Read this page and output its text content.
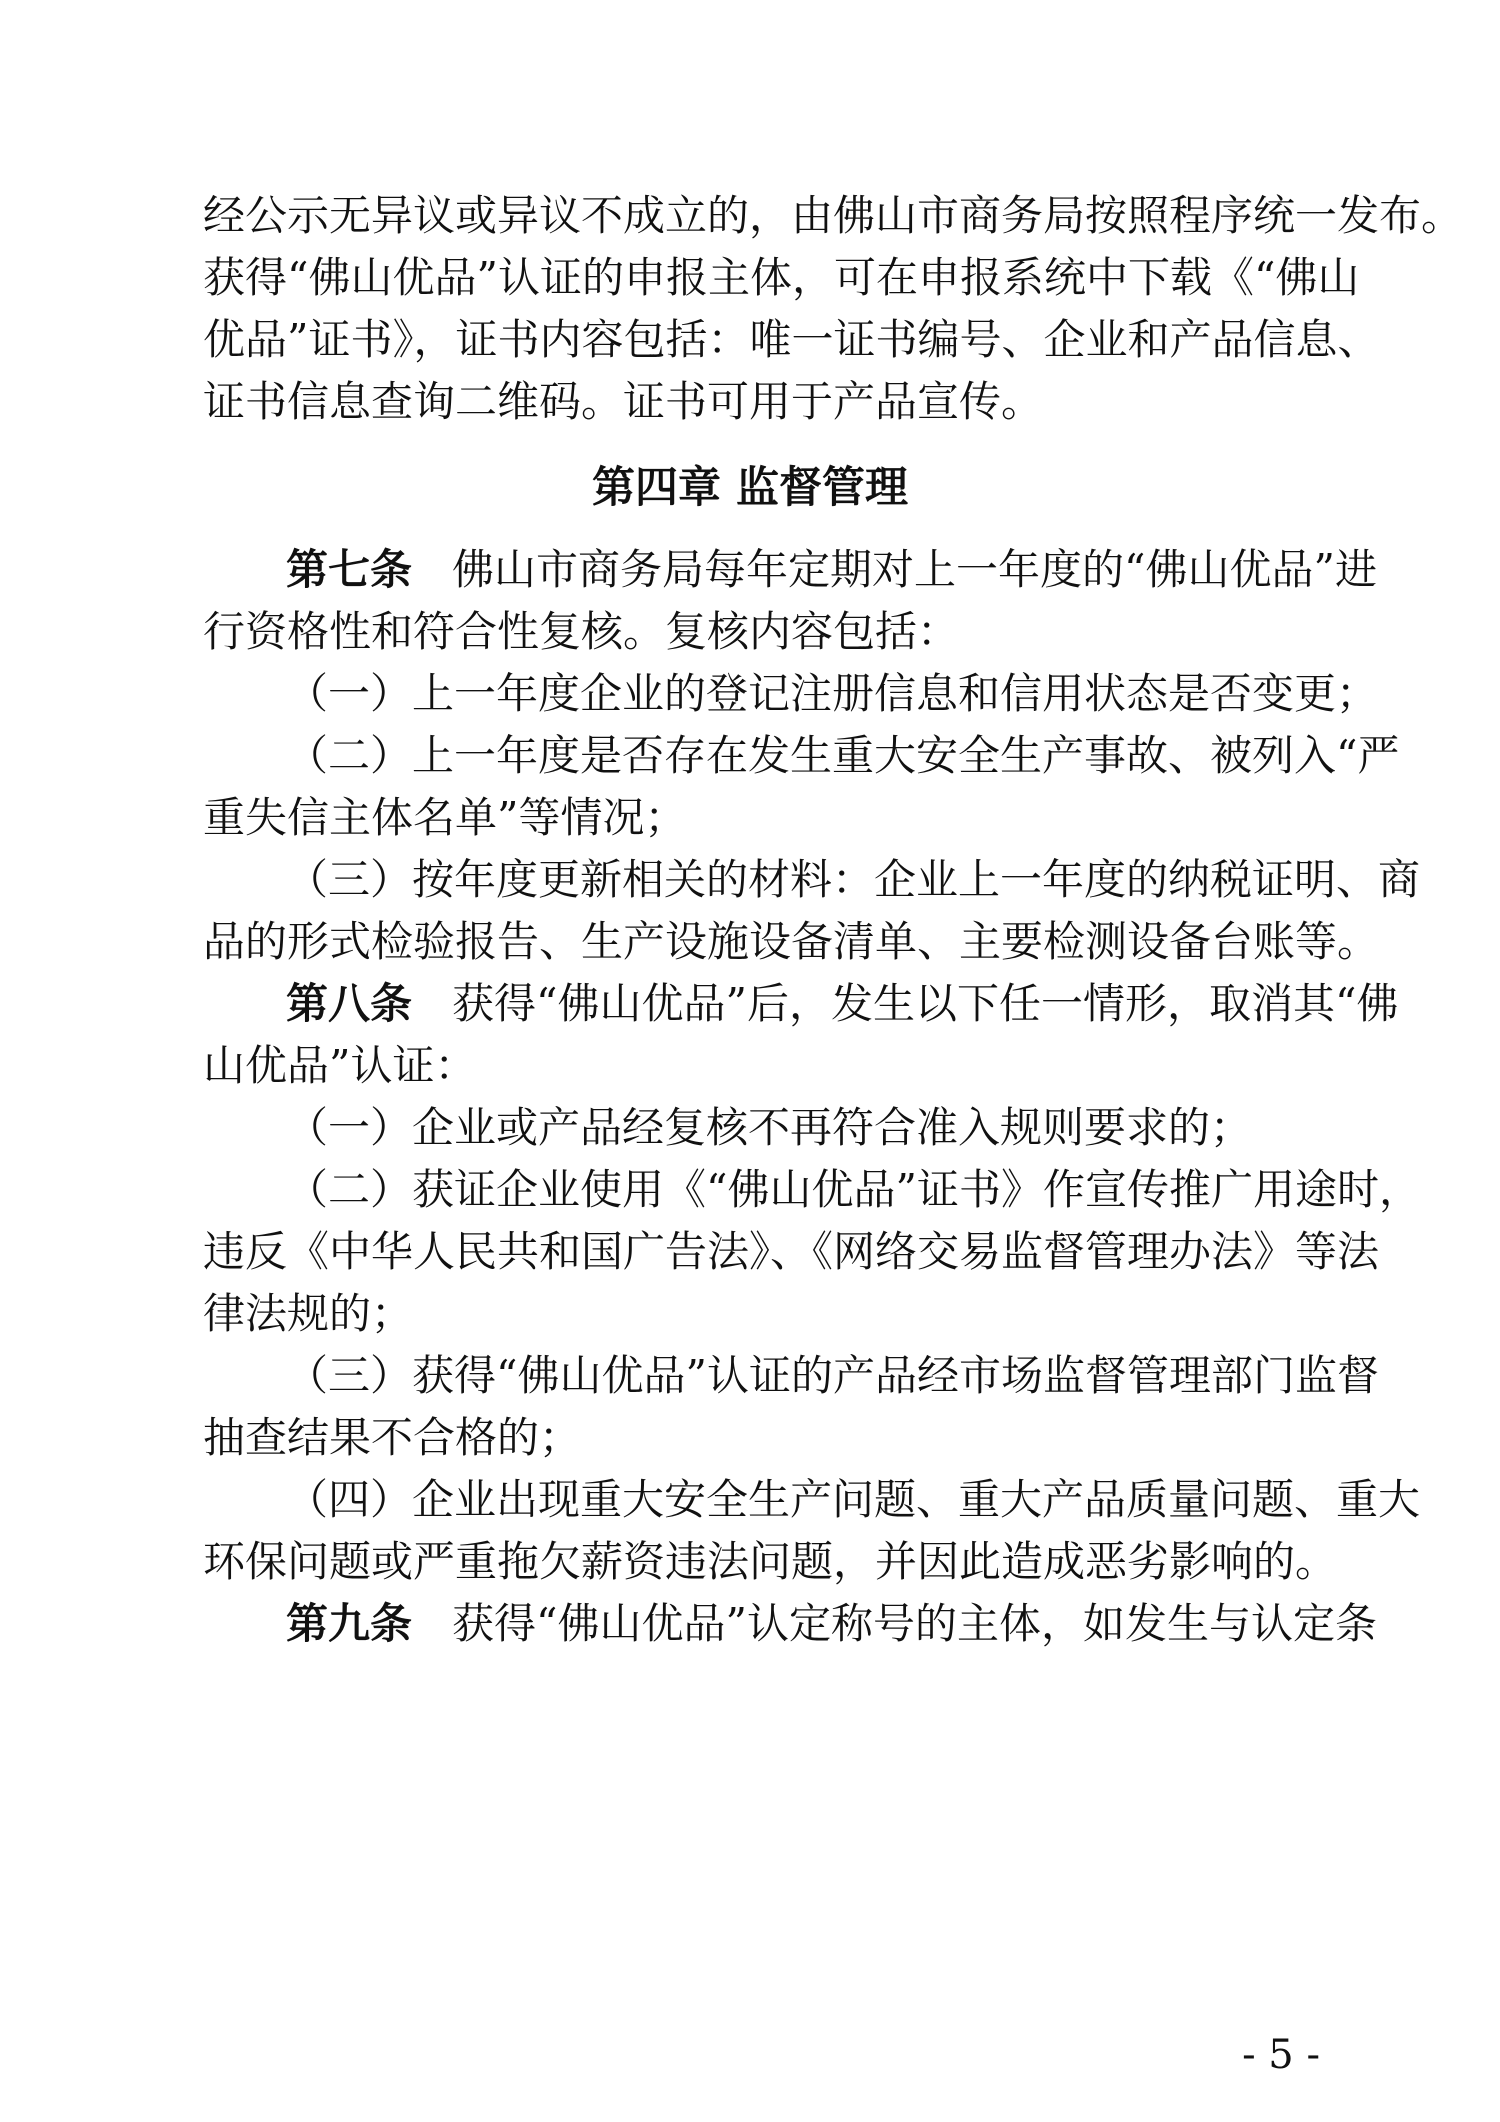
经公示无异议或异议不成立的，由佛山市商务局按照程序统一发布。
获得“佛山优品”认证的申报主体，可在申报系统中下载《“佛山
优品”证书》，证书内容包括：唯一证书编号、企业和产品信息、
证书信息查询二维码。证书可用于产品宣传。
第四章 监督管理
第七条 佛山市商务局每年定期对上一年度的“佛山优品”进
行资格性和符合性复核。复核内容包括：
（一）上一年度企业的登记注册信息和信用状态是否变更；
（二）上一年度是否存在发生重大安全生产事故、被列入“严
重失信主体名单”等情况；
（三）按年度更新相关的材料：企业上一年度的纳税证明、商
品的形式检验报告、生产设施设备清单、主要检测设备台账等。
第八条 获得“佛山优品”后，发生以下任一情形，取消其“佛
山优品”认证：
（一）企业或产品经复核不再符合准入规则要求的；
（二）获证企业使用《“佛山优品”证书》作宣传推广用途时，
违反《中华人民共和国广告法》、《网络交易监督管理办法》等法
律法规的；
（三）获得“佛山优品”认证的产品经市场监督管理部门监督
抽查结果不合格的；
（四）企业出现重大安全生产问题、重大产品质量问题、重大
环保问题或严重拖欠薪资违法问题，并因此造成恶劣影响的。
第九条 获得“佛山优品”认定称号的主体，如发生与认定条
- 5 -
